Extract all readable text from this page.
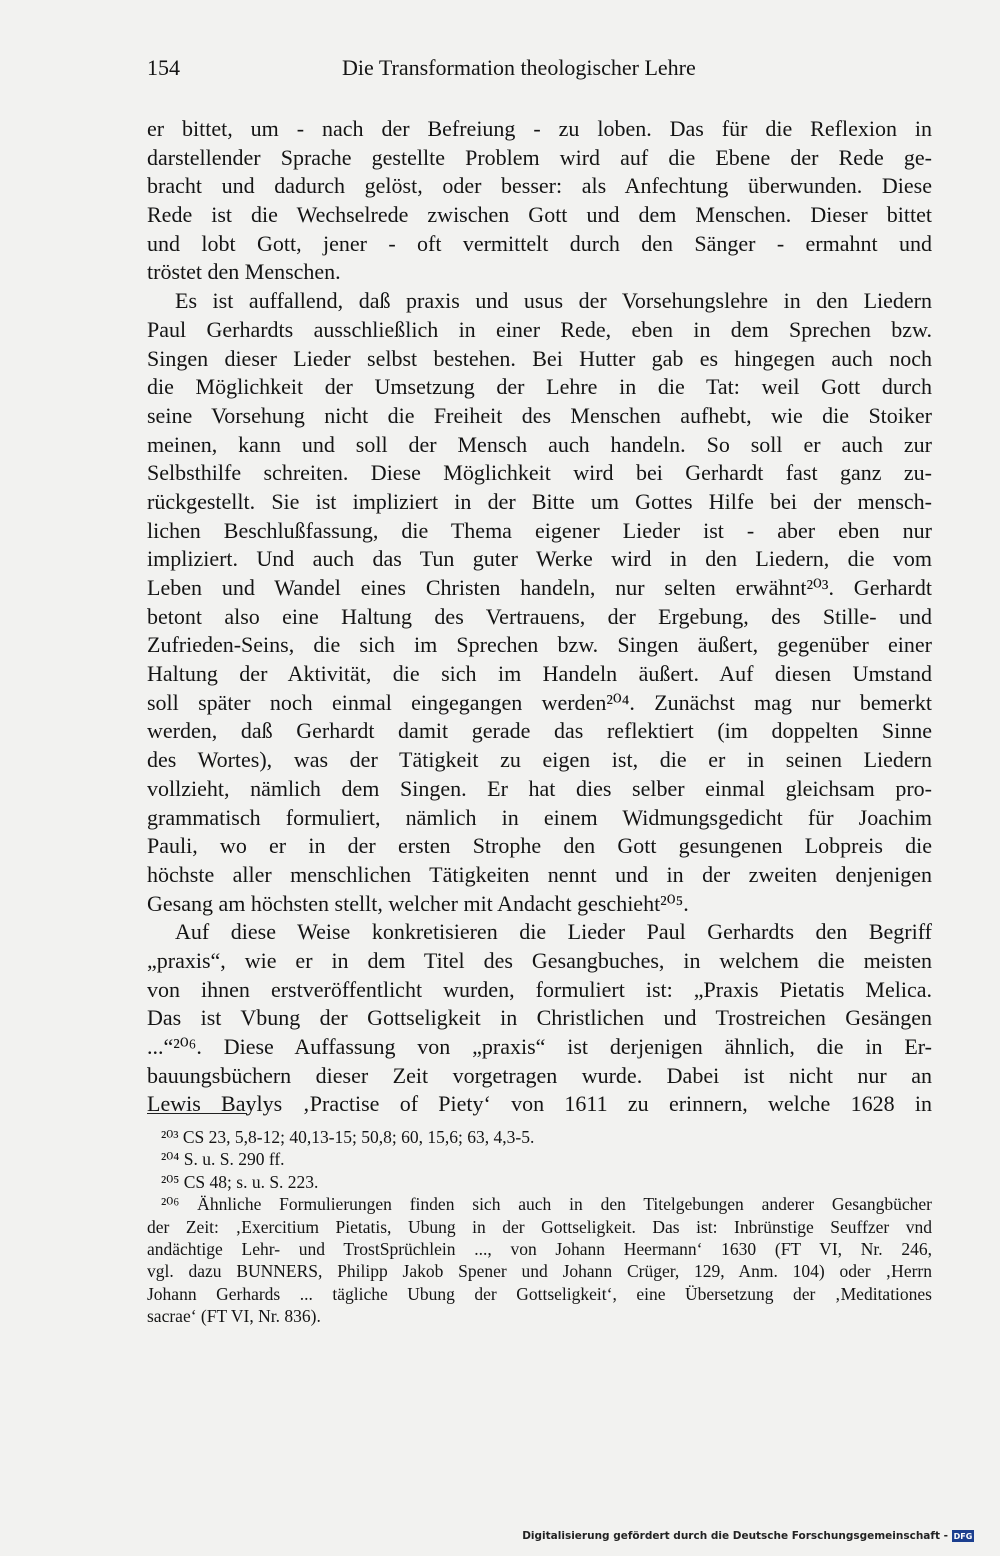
154	Die Transformation theologischer Lehre
er bittet, um - nach der Befreiung - zu loben. Das für die Reflexion in
darstellender Sprache gestellte Problem wird auf die Ebene der Rede ge-
bracht und dadurch gelöst, oder besser: als Anfechtung überwunden. Diese
Rede ist die Wechselrede zwischen Gott und dem Menschen. Dieser bittet
und lobt Gott, jener - oft vermittelt durch den Sänger - ermahnt und
tröstet den Menschen.
Es ist auffallend, daß praxis und usus der Vorsehungslehre in den Liedern
Paul Gerhardts ausschließlich in einer Rede, eben in dem Sprechen bzw.
Singen dieser Lieder selbst bestehen. Bei Hutter gab es hingegen auch noch
die Möglichkeit der Umsetzung der Lehre in die Tat: weil Gott durch
seine Vorsehung nicht die Freiheit des Menschen aufhebt, wie die Stoiker
meinen, kann und soll der Mensch auch handeln. So soll er auch zur
Selbsthilfe schreiten. Diese Möglichkeit wird bei Gerhardt fast ganz zu-
rückgestellt. Sie ist impliziert in der Bitte um Gottes Hilfe bei der mensch-
lichen Beschlußfassung, die Thema eigener Lieder ist - aber eben nur
impliziert. Und auch das Tun guter Werke wird in den Liedern, die vom
Leben und Wandel eines Christen handeln, nur selten erwähnt²⁰³. Gerhardt
betont also eine Haltung des Vertrauens, der Ergebung, des Stille- und
Zufrieden-Seins, die sich im Sprechen bzw. Singen äußert, gegenüber einer
Haltung der Aktivität, die sich im Handeln äußert. Auf diesen Umstand
soll später noch einmal eingegangen werden²⁰⁴. Zunächst mag nur bemerkt
werden, daß Gerhardt damit gerade das reflektiert (im doppelten Sinne
des Wortes), was der Tätigkeit zu eigen ist, die er in seinen Liedern
vollzieht, nämlich dem Singen. Er hat dies selber einmal gleichsam pro-
grammatisch formuliert, nämlich in einem Widmungsgedicht für Joachim
Pauli, wo er in der ersten Strophe den Gott gesungenen Lobpreis die
höchste aller menschlichen Tätigkeiten nennt und in der zweiten denjenigen
Gesang am höchsten stellt, welcher mit Andacht geschieht²⁰⁵.
Auf diese Weise konkretisieren die Lieder Paul Gerhardts den Begriff
„praxis“, wie er in dem Titel des Gesangbuches, in welchem die meisten
von ihnen erstveröffentlicht wurden, formuliert ist: „Praxis Pietatis Melica.
Das ist Vbung der Gottseligkeit in Christlichen und Trostreichen Gesängen
...“²⁰⁶. Diese Auffassung von „praxis“ ist derjenigen ähnlich, die in Er-
bauungsbüchern dieser Zeit vorgetragen wurde. Dabei ist nicht nur an
Lewis Baylys ‚Practise of Piety‘ von 1611 zu erinnern, welche 1628 in
²⁰³ CS 23, 5,8-12; 40,13-15; 50,8; 60, 15,6; 63, 4,3-5.
²⁰⁴ S. u. S. 290 ff.
²⁰⁵ CS 48; s. u. S. 223.
²⁰⁶ Ähnliche Formulierungen finden sich auch in den Titelgebungen anderer Gesangbücher
der Zeit: ‚Exercitium Pietatis, Ubung in der Gottseligkeit. Das ist: Inbrünstige Seuffzer vnd
andächtige Lehr- und TrostSprüchlein ..., von Johann Heermann‘ 1630 (FT VI, Nr. 246,
vgl. dazu BUNNERS, Philipp Jakob Spener und Johann Crüger, 129, Anm. 104) oder ‚Herrn
Johann Gerhards ... tägliche Ubung der Gottseligkeit‘, eine Übersetzung der ‚Meditationes
sacrae‘ (FT VI, Nr. 836).
Digitalisierung gefördert durch die Deutsche Forschungsgemeinschaft - DFG
